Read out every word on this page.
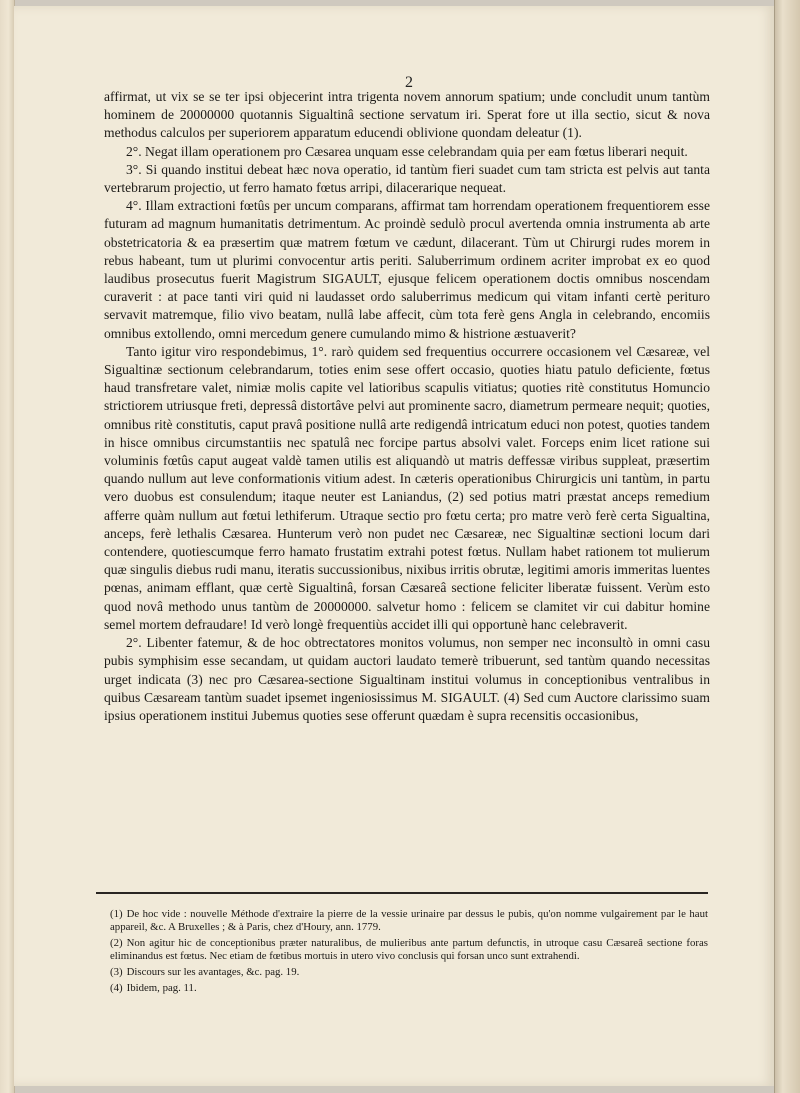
2

affirmat, ut vix se se ter ipsi objecerint intra trigenta novem annorum spatium; unde concludit unum tantùm hominem de 20000000 quotannis Sigualtinâ sectione servatum iri. Sperat fore ut illa sectio, sicut & nova methodus calculos per superiorem apparatum educendi oblivione quondam deleatur (1).

2°. Negat illam operationem pro Cæsarea unquam esse celebrandam quia per eam fœtus liberari nequit.

3°. Si quando institui debeat hæc nova operatio, id tantùm fieri suadet cum tam stricta est pelvis aut tanta vertebrarum projectio, ut ferro hamato fœtus arripi, dilacerarique nequeat.

4°. Illam extractioni fœtûs per uncum comparans, affirmat tam horrendam operationem frequentiorem esse futuram ad magnum humanitatis detrimentum. Ac proindè sedulò procul avertenda omnia instrumenta ab arte obstetricatoria & ea præsertim quæ matrem fœtum ve cædunt, dilacerant. Tùm ut Chirurgi rudes morem in rebus habeant, tum ut plurimi convocentur artis periti. Saluberrimum ordinem acriter improbat ex eo quod laudibus prosecutus fuerit Magistrum SIGAULT, ejusque felicem operationem doctis omnibus noscendam curaverit : at pace tanti viri quid ni laudasset ordo saluberrimus medicum qui vitam infanti certè perituro servavit matremque, filio vivo beatam, nullâ labe affecit, cùm tota ferè gens Angla in celebrando, encomiis omnibus extollendo, omni mercedum genere cumulando mimo & histrione æstuaverit?

Tanto igitur viro respondebimus, 1°. rarò quidem sed frequentius occurrere occasionem vel Cæsareæ, vel Sigualtinæ sectionum celebrandarum, toties enim sese offert occasio, quoties hiatu patulo deficiente, fœtus haud transfretare valet, nimiæ molis capite vel latioribus scapulis vitiatus; quoties ritè constitutus Homuncio strictiorem utriusque freti, depressâ distortâve pelvi aut prominente sacro, diametrum permeare nequit; quoties, omnibus ritè constitutis, caput pravâ positione nullâ arte redigendâ intricatum educi non potest, quoties tandem in hisce omnibus circumstantiis nec spatulâ nec forcipe partus absolvi valet. Forceps enim licet ratione sui voluminis fœtûs caput augeat valdè tamen utilis est aliquandò ut matris deffessæ viribus suppleat, præsertim quando nullum aut leve conformationis vitium adest. In cæteris operationibus Chirurgicis uni tantùm, in partu vero duobus est consulendum; itaque neuter est Laniandus, (2) sed potius matri præstat anceps remedium afferre quàm nullum aut fœtui lethiferum. Utraque sectio pro fœtu certa; pro matre verò ferè certa Sigualtina, anceps, ferè lethalis Cæsarea. Hunterum verò non pudet nec Cæsareæ, nec Sigualtinæ sectioni locum dari contendere, quotiescumque ferro hamato frustatim extrahi potest fœtus. Nullam habet rationem tot mulierum quæ singulis diebus rudi manu, iteratis succussionibus, nixibus irritis obrutæ, legitimi amoris immeritas luentes pœnas, animam efflant, quæ certè Sigualtinâ, forsan Cæsareâ sectione feliciter liberatæ fuissent. Verùm esto quod novâ methodo unus tantùm de 20000000. salvetur homo : felicem se clamitet vir cui dabitur homine semel mortem defraudare! Id verò longè frequentiùs accidet illi qui opportunè hanc celebraverit.

2°. Libenter fatemur, & de hoc obtrectatores monitos volumus, non semper nec inconsultò in omni casu pubis symphisim esse secandam, ut quidam auctori laudato temerè tribuerunt, sed tantùm quando necessitas urget indicata (3) nec pro Cæsarea-sectione Sigualtinam institui volumus in conceptionibus ventralibus in quibus Cæsaream tantùm suadet ipsemet ingeniosissimus M. SIGAULT. (4) Sed cum Auctore clarissimo suam ipsius operationem institui Jubemus quoties sese offerunt quædam è supra recensitis occasionibus,

(1) De hoc vide : nouvelle Méthode d'extraire la pierre de la vessie urinaire par dessus le pubis, qu'on nomme vulgairement par le haut appareil, &c. A Bruxelles ; & à Paris, chez d'Houry, ann. 1779.

(2) Non agitur hic de conceptionibus præter naturalibus, de mulieribus ante partum defunctis, in utroque casu Cæsareâ sectione foras eliminandus est fœtus. Nec etiam de fœtibus mortuis in utero vivo conclusis qui forsan unco sunt extrahendi.

(3) Discours sur les avantages, &c. pag. 19.

(4) Ibidem, pag. 11.
